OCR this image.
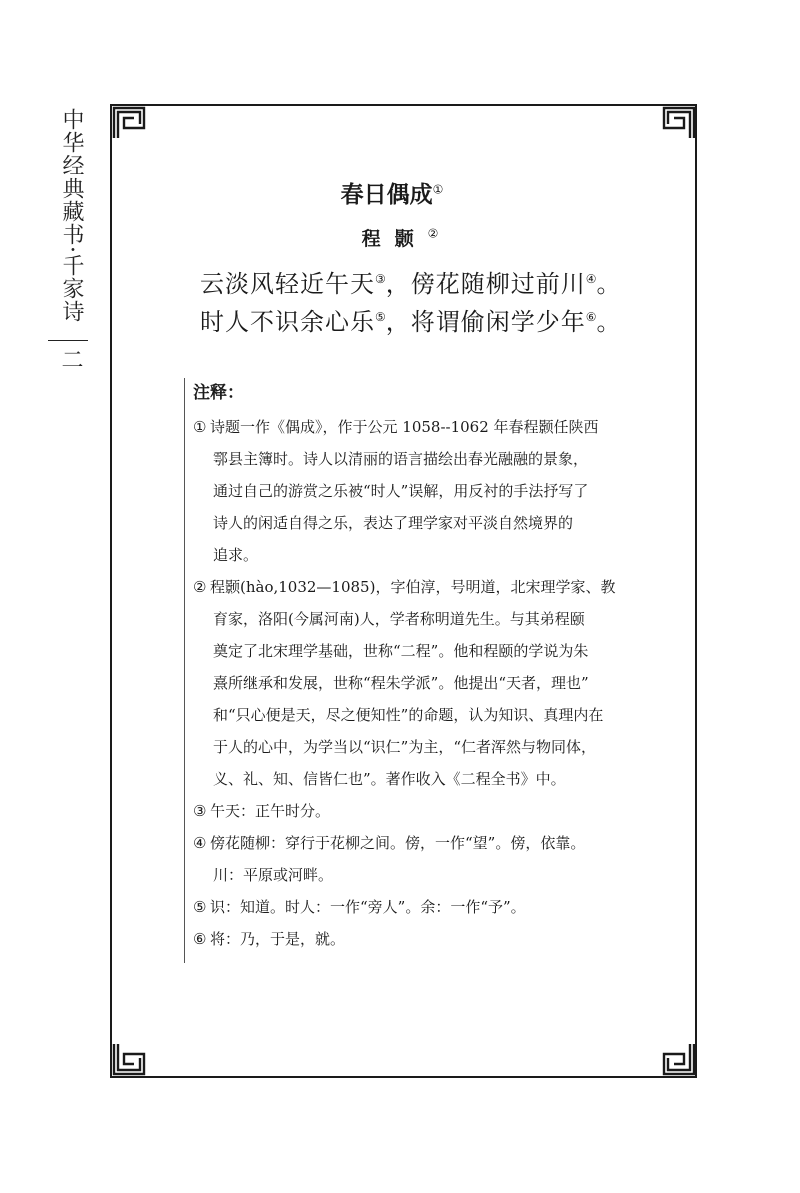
中华经典藏书·千家诗
二
春日偶成①
程颢②
云淡风轻近午天③，傍花随柳过前川④。
时人不识余心乐⑤，将谓偷闲学少年⑥。
注释：
① 诗题一作《偶成》，作于公元 1058--1062 年春程颢任陕西
鄠县主簿时。诗人以清丽的语言描绘出春光融融的景象，
通过自己的游赏之乐被“时人”误解，用反衬的手法抒写了
诗人的闲适自得之乐，表达了理学家对平淡自然境界的
追求。
② 程颢(hào,1032—1085)，字伯淳，号明道，北宋理学家、教
育家，洛阳(今属河南)人，学者称明道先生。与其弟程颐
奠定了北宋理学基础，世称“二程”。他和程颐的学说为朱
熹所继承和发展，世称“程朱学派”。他提出“天者，理也”
和“只心便是天，尽之便知性”的命题，认为知识、真理内在
于人的心中，为学当以“识仁”为主，“仁者浑然与物同体，
义、礼、知、信皆仁也”。著作收入《二程全书》中。
③ 午天：正午时分。
④ 傍花随柳：穿行于花柳之间。傍，一作“望”。傍，依靠。
川：平原或河畔。
⑤ 识：知道。时人：一作“旁人”。余：一作“予”。
⑥ 将：乃，于是，就。
